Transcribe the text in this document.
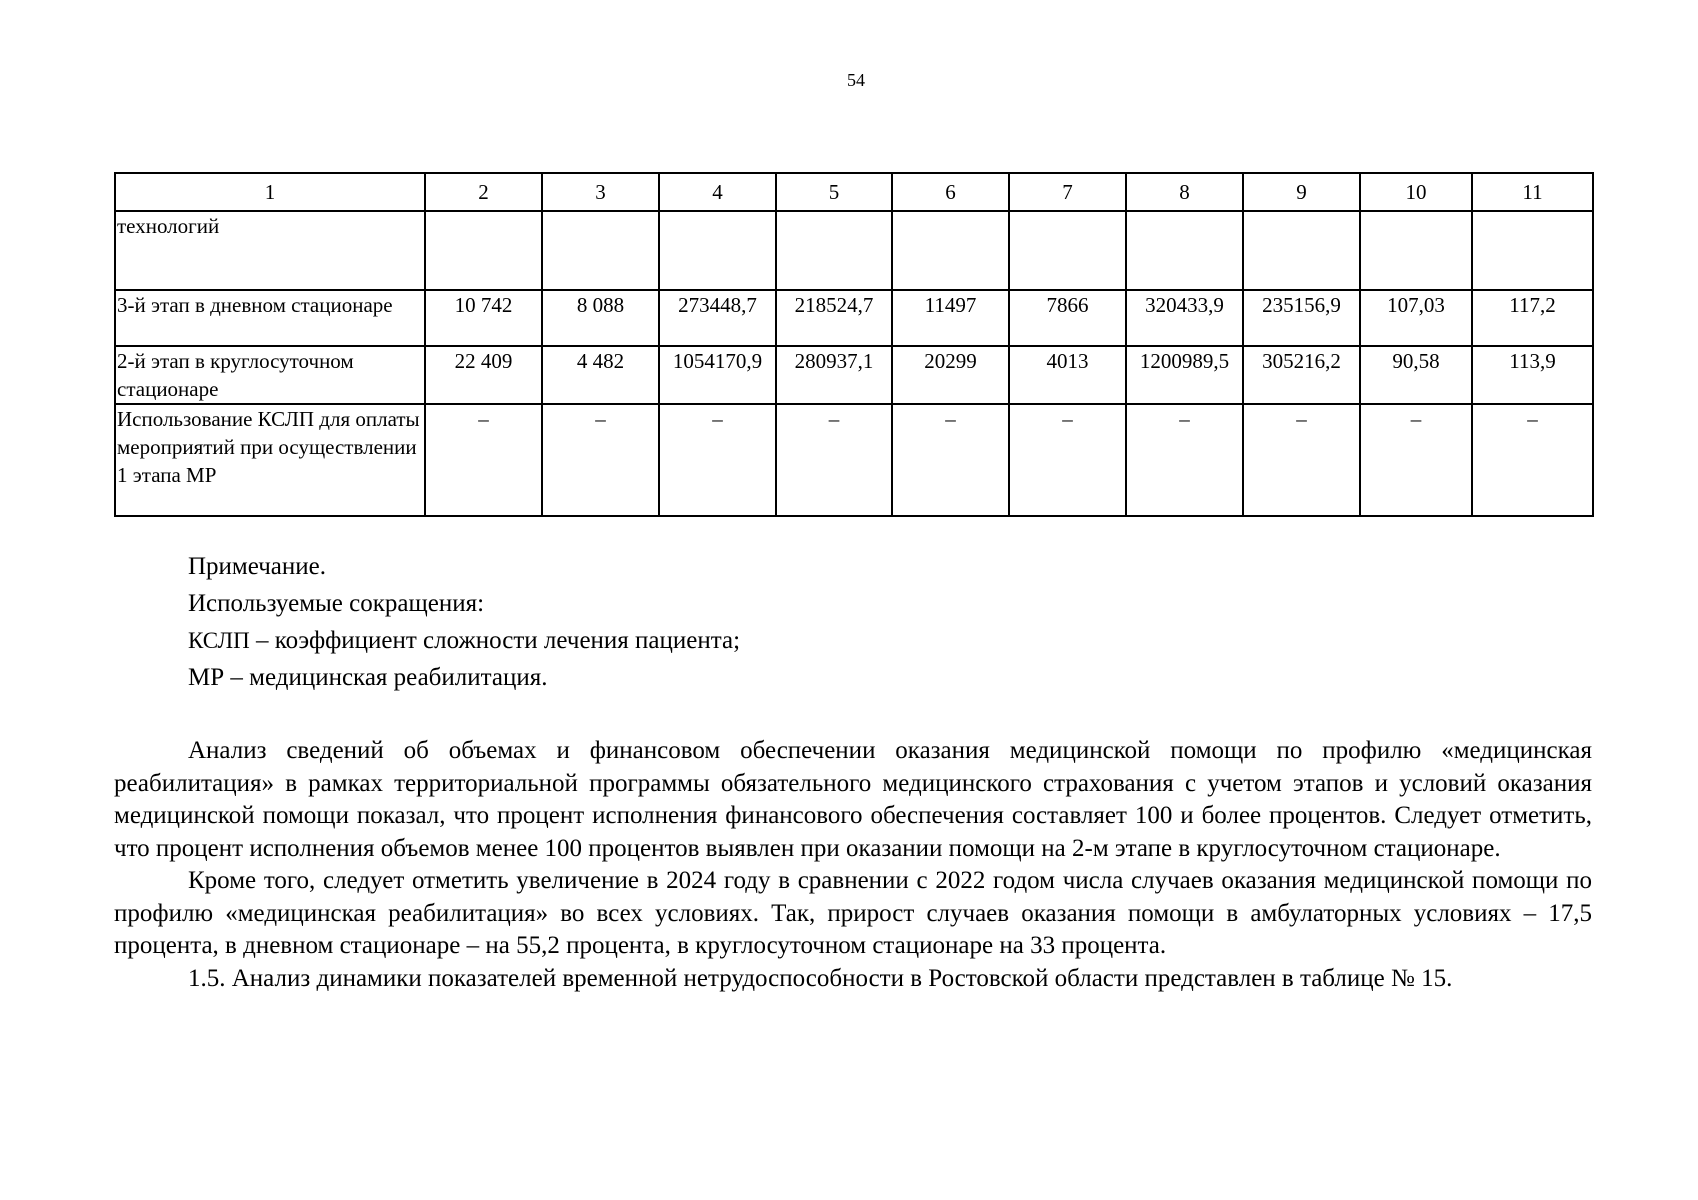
54
1	2	3	4	5	6	7	8	9	10	11
технологий										
3-й этап в дневном стационаре	10 742	8 088	273448,7	218524,7	11497	7866	320433,9	235156,9	107,03	117,2
2-й этап в круглосуточном стационаре	22 409	4 482	1054170,9	280937,1	20299	4013	1200989,5	305216,2	90,58	113,9
Использование КСЛП для оплаты мероприятий при осуществлении 1 этапа МР	–	–	–	–	–	–	–	–	–	–
Примечание.
Используемые сокращения:
КСЛП – коэффициент сложности лечения пациента;
МР – медицинская реабилитация.

Анализ сведений об объемах и финансовом обеспечении оказания медицинской помощи по профилю «медицинская реабилитация» в рамках территориальной программы обязательного медицинского страхования с учетом этапов и условий оказания медицинской помощи показал, что процент исполнения финансового обеспечения составляет 100 и более процентов. Следует отметить, что процент исполнения объемов менее 100 процентов выявлен при оказании помощи на 2-м этапе в круглосуточном стационаре.

Кроме того, следует отметить увеличение в 2024 году в сравнении с 2022 годом числа случаев оказания медицинской помощи по профилю «медицинская реабилитация» во всех условиях. Так, прирост случаев оказания помощи в амбулаторных условиях – 17,5 процента, в дневном стационаре – на 55,2 процента, в круглосуточном стационаре на 33 процента.

1.5. Анализ динамики показателей временной нетрудоспособности в Ростовской области представлен в таблице № 15.
